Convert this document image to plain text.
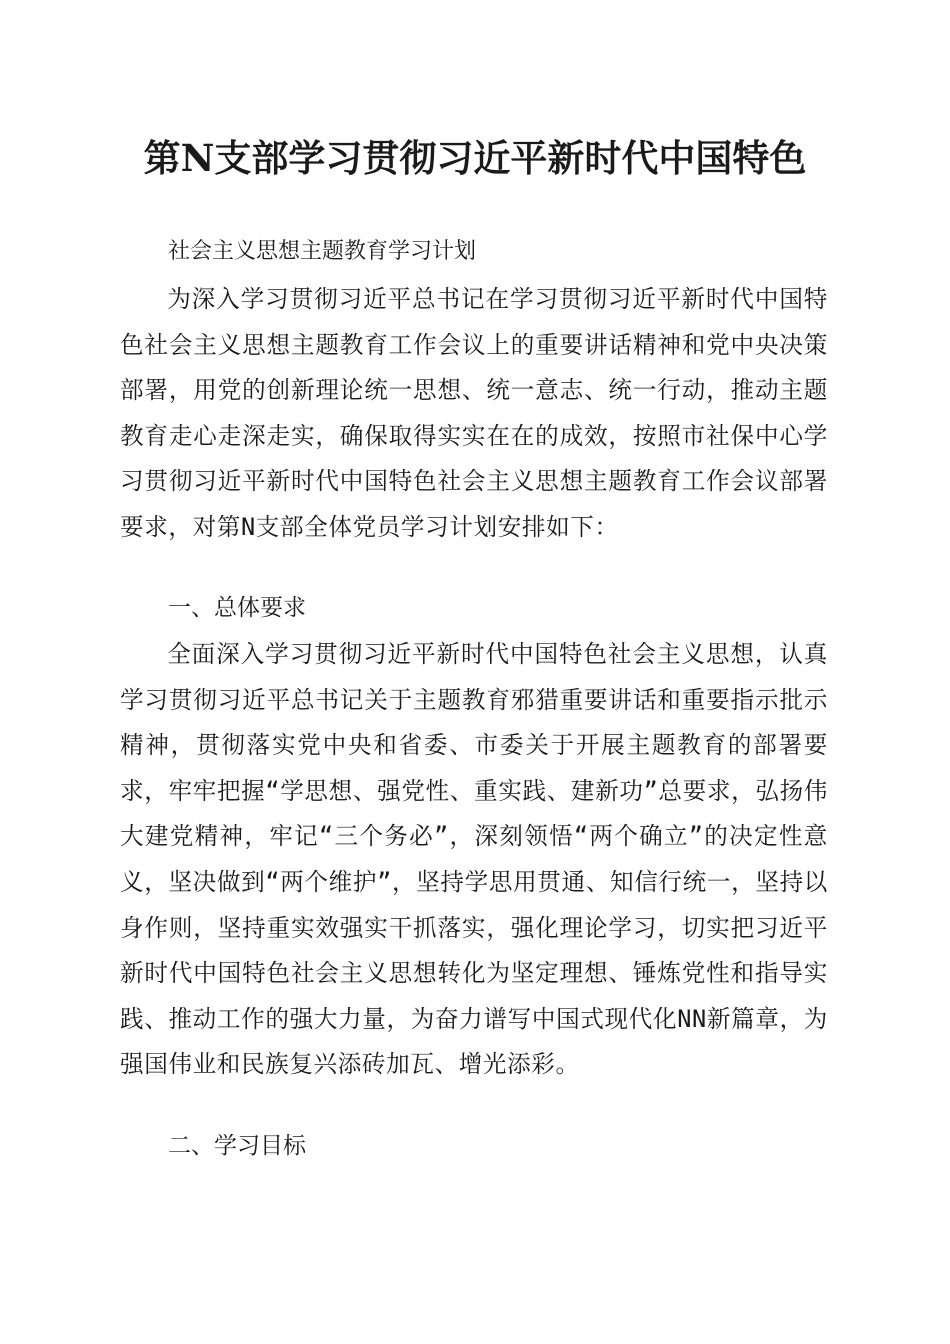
第N支部学习贯彻习近平新时代中国特色
社会主义思想主题教育学习计划

为深入学习贯彻习近平总书记在学习贯彻习近平新时代中国特色社会主义思想主题教育工作会议上的重要讲话精神和党中央决策部署，用党的创新理论统一思想、统一意志、统一行动，推动主题教育走心走深走实，确保取得实实在在的成效，按照市社保中心学习贯彻习近平新时代中国特色社会主义思想主题教育工作会议部署要求，对第N支部全体党员学习计划安排如下：

一、总体要求

全面深入学习贯彻习近平新时代中国特色社会主义思想，认真学习贯彻习近平总书记关于主题教育邪猎重要讲话和重要指示批示精神，贯彻落实党中央和省委、市委关于开展主题教育的部署要求，牢牢把握“学思想、强党性、重实践、建新功”总要求，弘扬伟大建党精神，牢记“三个务必”，深刻领悟“两个确立”的决定性意义，坚决做到“两个维护”，坚持学思用贯通、知信行统一，坚持以身作则，坚持重实效强实干抓落实，强化理论学习，切实把习近平新时代中国特色社会主义思想转化为坚定理想、锤炼党性和指导实践、推动工作的强大力量，为奋力谱写中国式现代化NN新篇章，为强国伟业和民族复兴添砖加瓦、增光添彩。

二、学习目标
